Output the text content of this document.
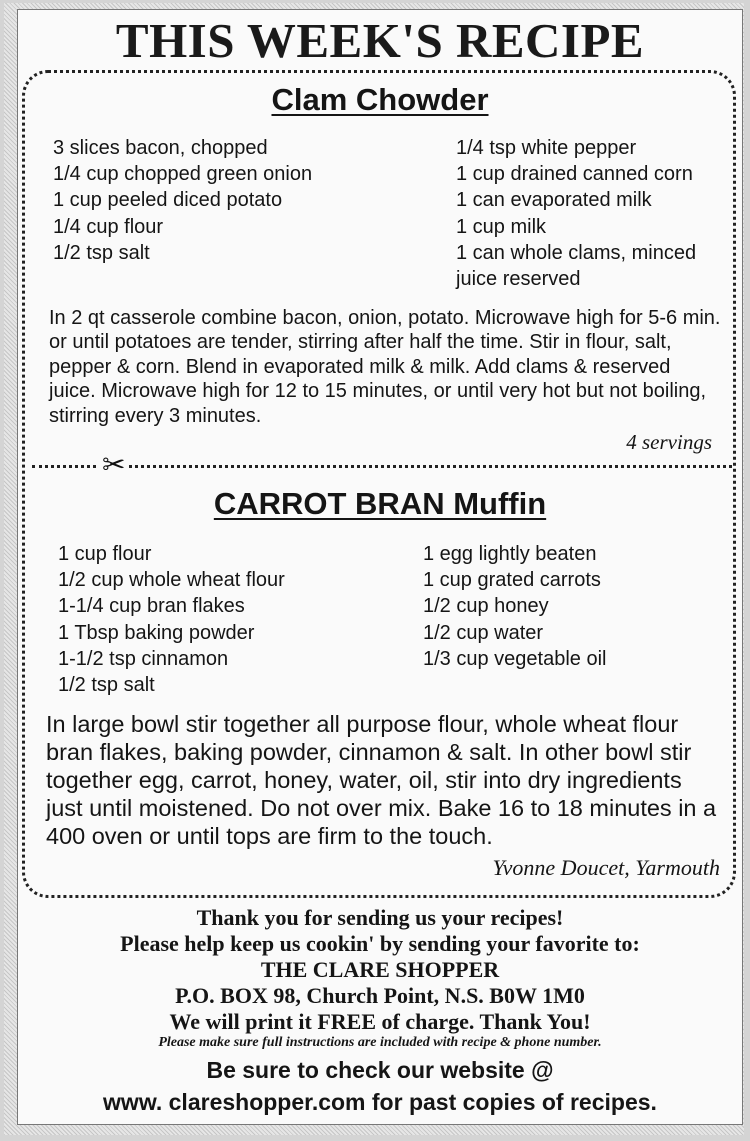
THIS WEEK'S RECIPE
Clam Chowder
3 slices bacon, chopped
1/4 cup chopped green onion
1 cup peeled diced potato
1/4 cup flour
1/2 tsp salt
1/4 tsp white pepper
1 cup drained canned corn
1 can evaporated milk
1 cup milk
1 can whole clams, minced
juice reserved
In 2 qt casserole combine bacon, onion, potato. Microwave high for 5-6 min.
or until potatoes are tender, stirring after half the time. Stir in flour, salt,
pepper & corn. Blend in evaporated milk & milk. Add clams & reserved
juice. Microwave high for 12 to 15 minutes, or until very hot but not boiling,
stirring every 3 minutes.
4 servings
✂
CARROT BRAN Muffin
1 cup flour
1/2 cup whole wheat flour
1-1/4 cup bran flakes
1 Tbsp baking powder
1-1/2 tsp cinnamon
1/2 tsp salt
1 egg lightly beaten
1 cup grated carrots
1/2 cup honey
1/2 cup water
1/3 cup vegetable oil
In large bowl stir together all purpose flour, whole wheat flour
bran flakes, baking powder, cinnamon & salt. In other bowl stir
together egg, carrot, honey, water, oil, stir into dry ingredients
just until moistened. Do not over mix. Bake 16 to 18 minutes in a
400 oven or until tops are firm to the touch.
Yvonne Doucet, Yarmouth
Thank you for sending us your recipes!
Please help keep us cookin' by sending your favorite to:
THE CLARE SHOPPER
P.O. BOX 98, Church Point, N.S. B0W 1M0
We will print it FREE of charge. Thank You!
Please make sure full instructions are included with recipe & phone number.
Be sure to check our website @
www. clareshopper.com for past copies of recipes.
